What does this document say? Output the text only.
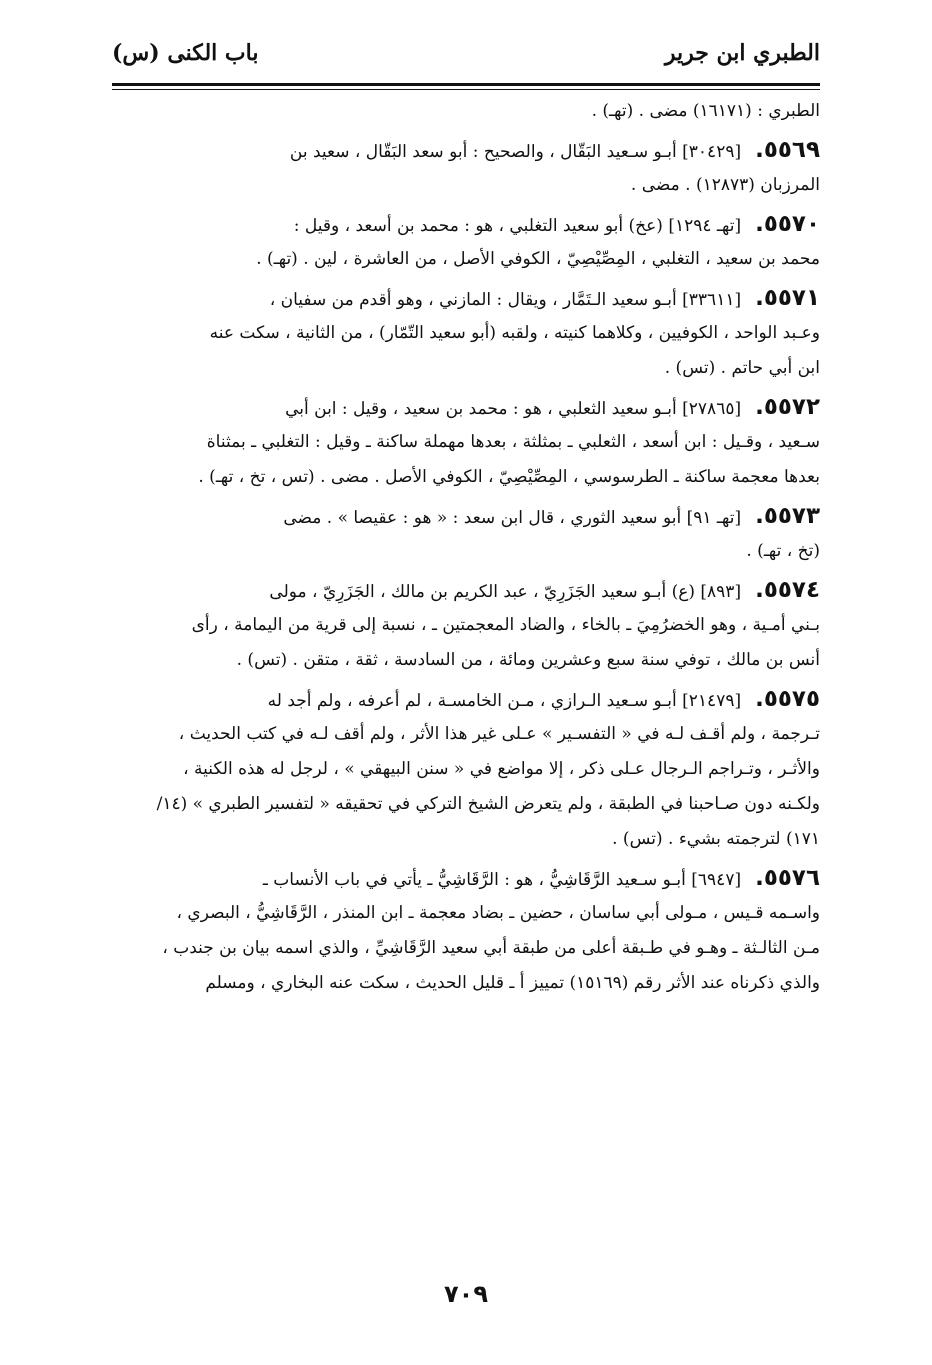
الطبري ابن جرير
باب الكنى (س)
الطبري : (١٦١٧١) مضى . (تهـ) .
٥٥٦٩.
[٣٠٤٢٩] أبـو سـعيد البَقّال ، والصحيح : أبو سعد البَقّال ، سعيد بن
المرزبان (١٢٨٧٣) . مضى .
٥٥٧٠.
[تهـ ١٢٩٤] (عخ) أبو سعيد التغلبي ، هو : محمد بن أسعد ، وقيل :
محمد بن سعيد ، التغلبي ، المِصِّيْصِيّ ، الكوفي الأصل ، من العاشرة ، لين . (تهـ) .
٥٥٧١.
[٣٣٦١١] أبـو سعيد الـتَمَّار ، ويقال : المازني ، وهو أقدم من سفيان ،
وعـبد الواحد ، الكوفيين ، وكلاهما كنيته ، ولقبه (أبو سعيد التّمّار) ، من الثانية ، سكت عنه
ابن أبي حاتم . (تس) .
٥٥٧٢.
[٢٧٨٦٥] أبـو سعيد الثعلبي ، هو : محمد بن سعيد ، وقيل : ابن أبي
سـعيد ، وقـيل : ابن أسعد ، الثعلبي ـ بمثلثة ، بعدها مهملة ساكنة ـ وقيل : التغلبي ـ بمثناة
بعدها معجمة ساكنة ـ الطرسوسي ، المِصِّيْصِيّ ، الكوفي الأصل . مضى . (تس ، تخ ، تهـ) .
٥٥٧٣.
[تهـ ٩١] أبو سعيد الثوري ، قال ابن سعد : « هو : عقيصا » . مضى
(تخ ، تهـ) .
٥٥٧٤.
[٨٩٣] (ع) أبـو سعيد الجَزَرِيّ ، عبد الكريم بن مالك ، الجَزَرِيّ ، مولى
بـني أمـية ، وهو الخضرُمِيَ ـ بالخاء ، والضاد المعجمتين ـ ، نسبة إلى قرية من اليمامة ، رأى
أنس بن مالك ، توفي سنة سبع وعشرين ومائة ، من السادسة ، ثقة ، متقن . (تس) .
٥٥٧٥.
[٢١٤٧٩] أبـو سـعيد الـرازي ، مـن الخامسـة ، لم أعرفه ، ولم أجد له
تـرجمة ، ولم أقـف لـه في « التفسـير » عـلى غير هذا الأثر ، ولم أقف لـه في كتب الحديث ،
والأثـر ، وتـراجم الـرجال عـلى ذكر ، إلا مواضع في « سنن البيهقي » ، لرجل له هذه الكنية ،
ولكـنه دون صـاحبنا في الطبقة ، ولم يتعرض الشيخ التركي في تحقيقه « لتفسير الطبري » (١٤/
١٧١) لترجمته بشيء . (تس) .
٥٥٧٦.
[٦٩٤٧] أبـو سـعيد الرَّقَاشِيُّ ، هو : الرَّقَاشِيُّ ـ يأتي في باب الأنساب ـ
واسـمه قـيس ، مـولى أبي ساسان ، حضين ـ بضاد معجمة ـ ابن المنذر ، الرَّقَاشِيُّ ، البصري ،
مـن الثالـثة ـ وهـو في طـبقة أعلى من طبقة أبي سعيد الرَّقَاشِيِّ ، والذي اسمه بيان بن جندب ،
والذي ذكرناه عند الأثر رقم (١٥١٦٩) تمييز أ ـ قليل الحديث ، سكت عنه البخاري ، ومسلم
٧٠٩
